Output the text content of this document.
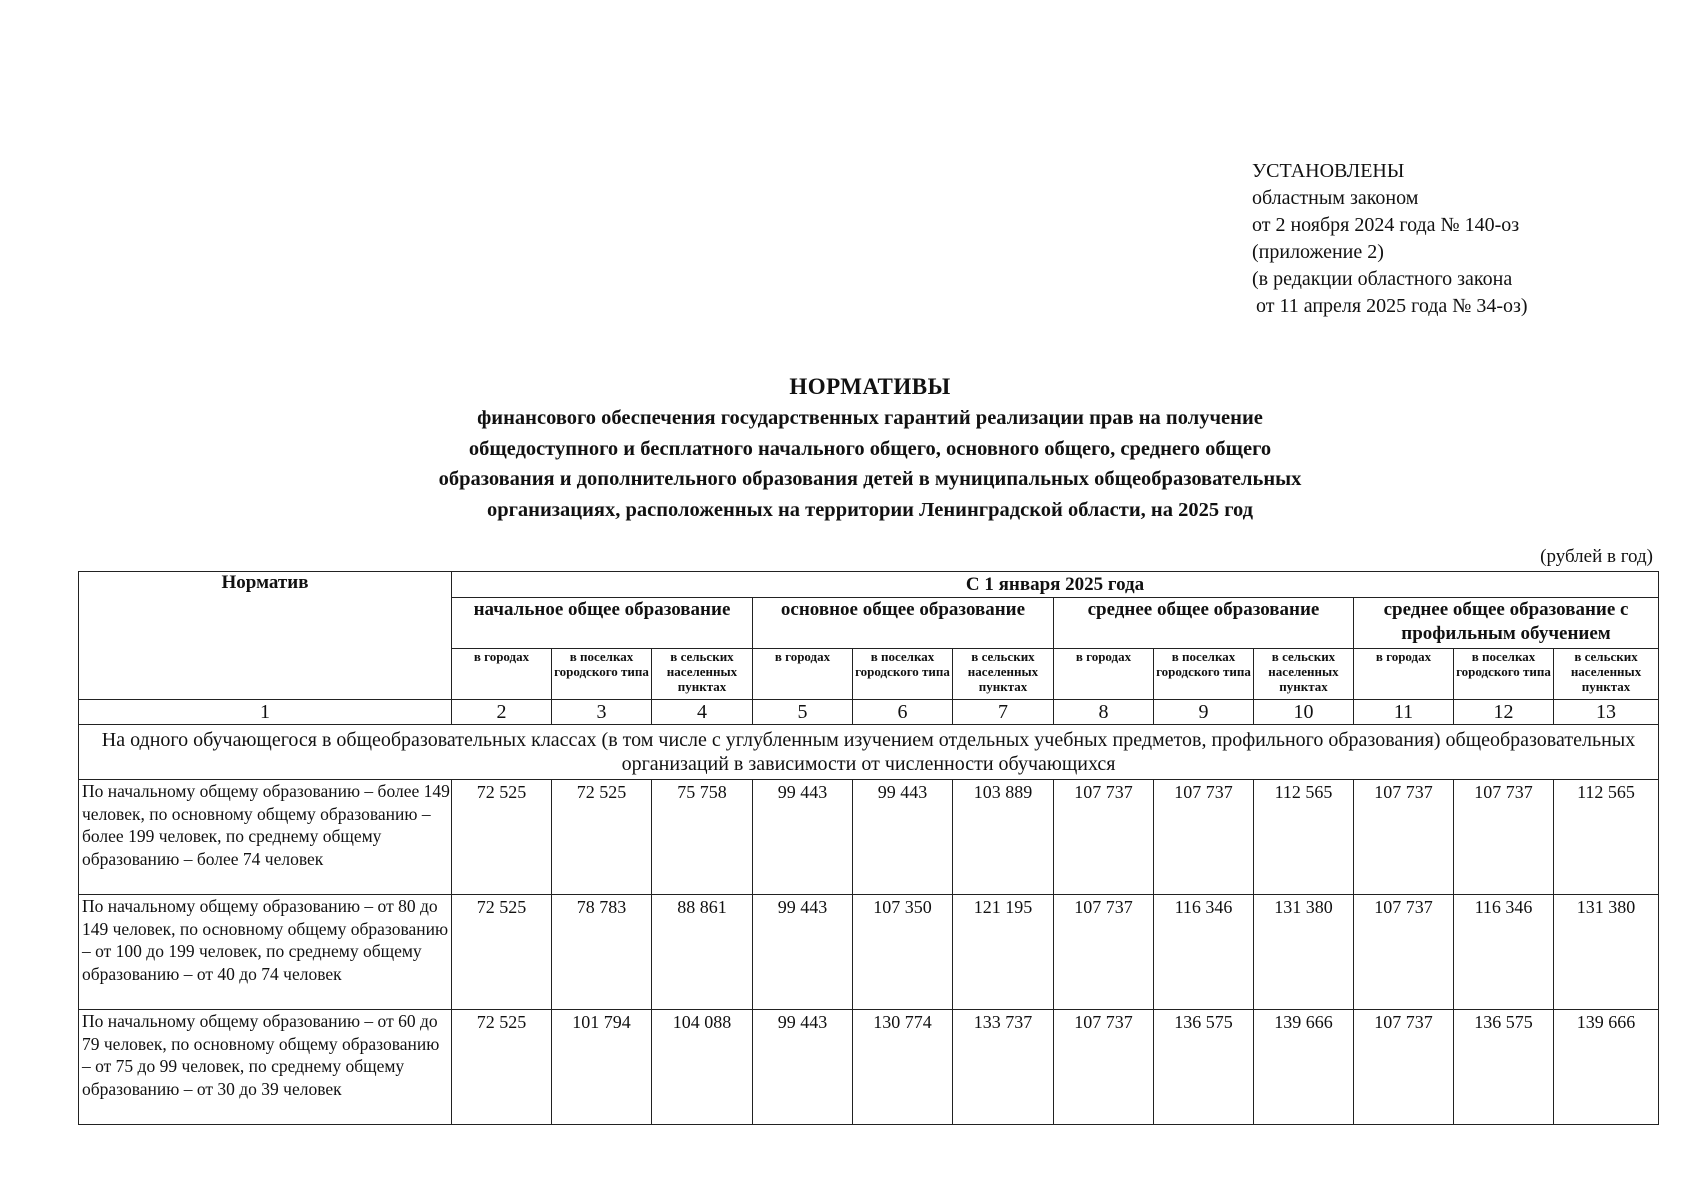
УСТАНОВЛЕНЫ
областным законом
от 2 ноября 2024 года № 140-оз
(приложение 2)
(в редакции областного закона
от 11 апреля 2025 года № 34-оз)
НОРМАТИВЫ
финансового обеспечения государственных гарантий реализации прав на получение
общедоступного и бесплатного начального общего, основного общего, среднего общего
образования и дополнительного образования детей в муниципальных общеобразовательных
организациях, расположенных на территории Ленинградской области, на 2025 год
(рублей в год)
Норматив	С 1 января 2025 года											
	начальное общее образование			основное общее образование			среднее общее образование			среднее общее образование с профильным обучением		
	в городах	в поселках городского типа	в сельских населенных пунктах	в городах	в поселках городского типа	в сельских населенных пунктах	в городах	в поселках городского типа	в сельских населенных пунктах	в городах	в поселках городского типа	в сельских населенных пунктах
1	2	3	4	5	6	7	8	9	10	11	12	13
На одного обучающегося в общеобразовательных классах (в том числе с углубленным изучением отдельных учебных предметов, профильного образования) общеобразовательных организаций в зависимости от численности обучающихся												
По начальному общему образованию – более 149 человек, по основному общему образованию – более 199 человек, по среднему общему образованию – более 74 человек	72 525	72 525	75 758	99 443	99 443	103 889	107 737	107 737	112 565	107 737	107 737	112 565
По начальному общему образованию – от 80 до 149 человек, по основному общему образованию – от 100 до 199 человек, по среднему общему образованию – от 40 до 74 человек	72 525	78 783	88 861	99 443	107 350	121 195	107 737	116 346	131 380	107 737	116 346	131 380
По начальному общему образованию – от 60 до 79 человек, по основному общему образованию – от 75 до 99 человек, по среднему общему образованию – от 30 до 39 человек	72 525	101 794	104 088	99 443	130 774	133 737	107 737	136 575	139 666	107 737	136 575	139 666
